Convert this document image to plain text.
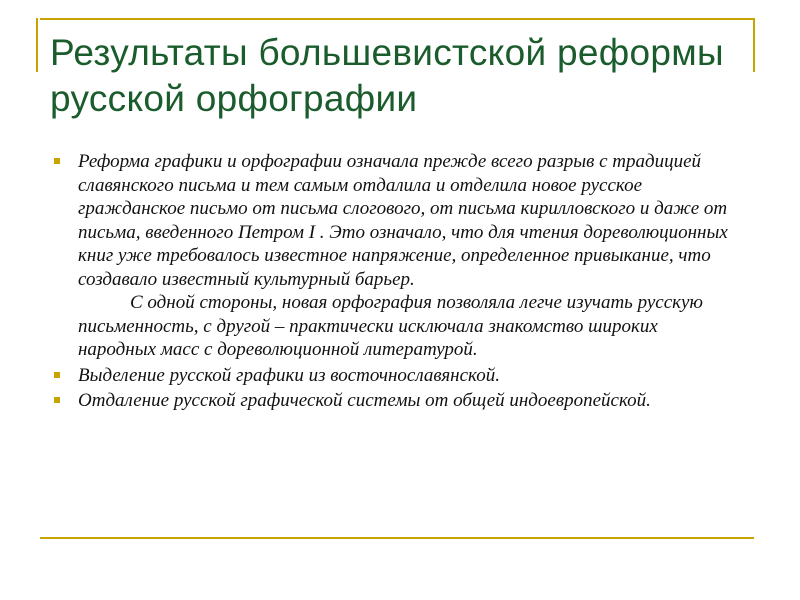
Результаты большевистской реформы русской орфографии
Реформа графики и орфографии означала прежде всего разрыв с традицией славянского письма и тем самым отдалила и отделила новое русское гражданское письмо от письма слогового, от письма кирилловского и даже от письма, введенного Петром I . Это означало, что для чтения дореволюционных книг уже требовалось известное напряжение, определенное привыкание, что создавало известный культурный барьер.
С одной стороны, новая орфография позволяла легче изучать русскую письменность, с другой – практически исключала знакомство широких народных масс с дореволюционной литературой.
Выделение русской графики из восточнославянской.
Отдаление русской графической системы от общей индоевропейской.
